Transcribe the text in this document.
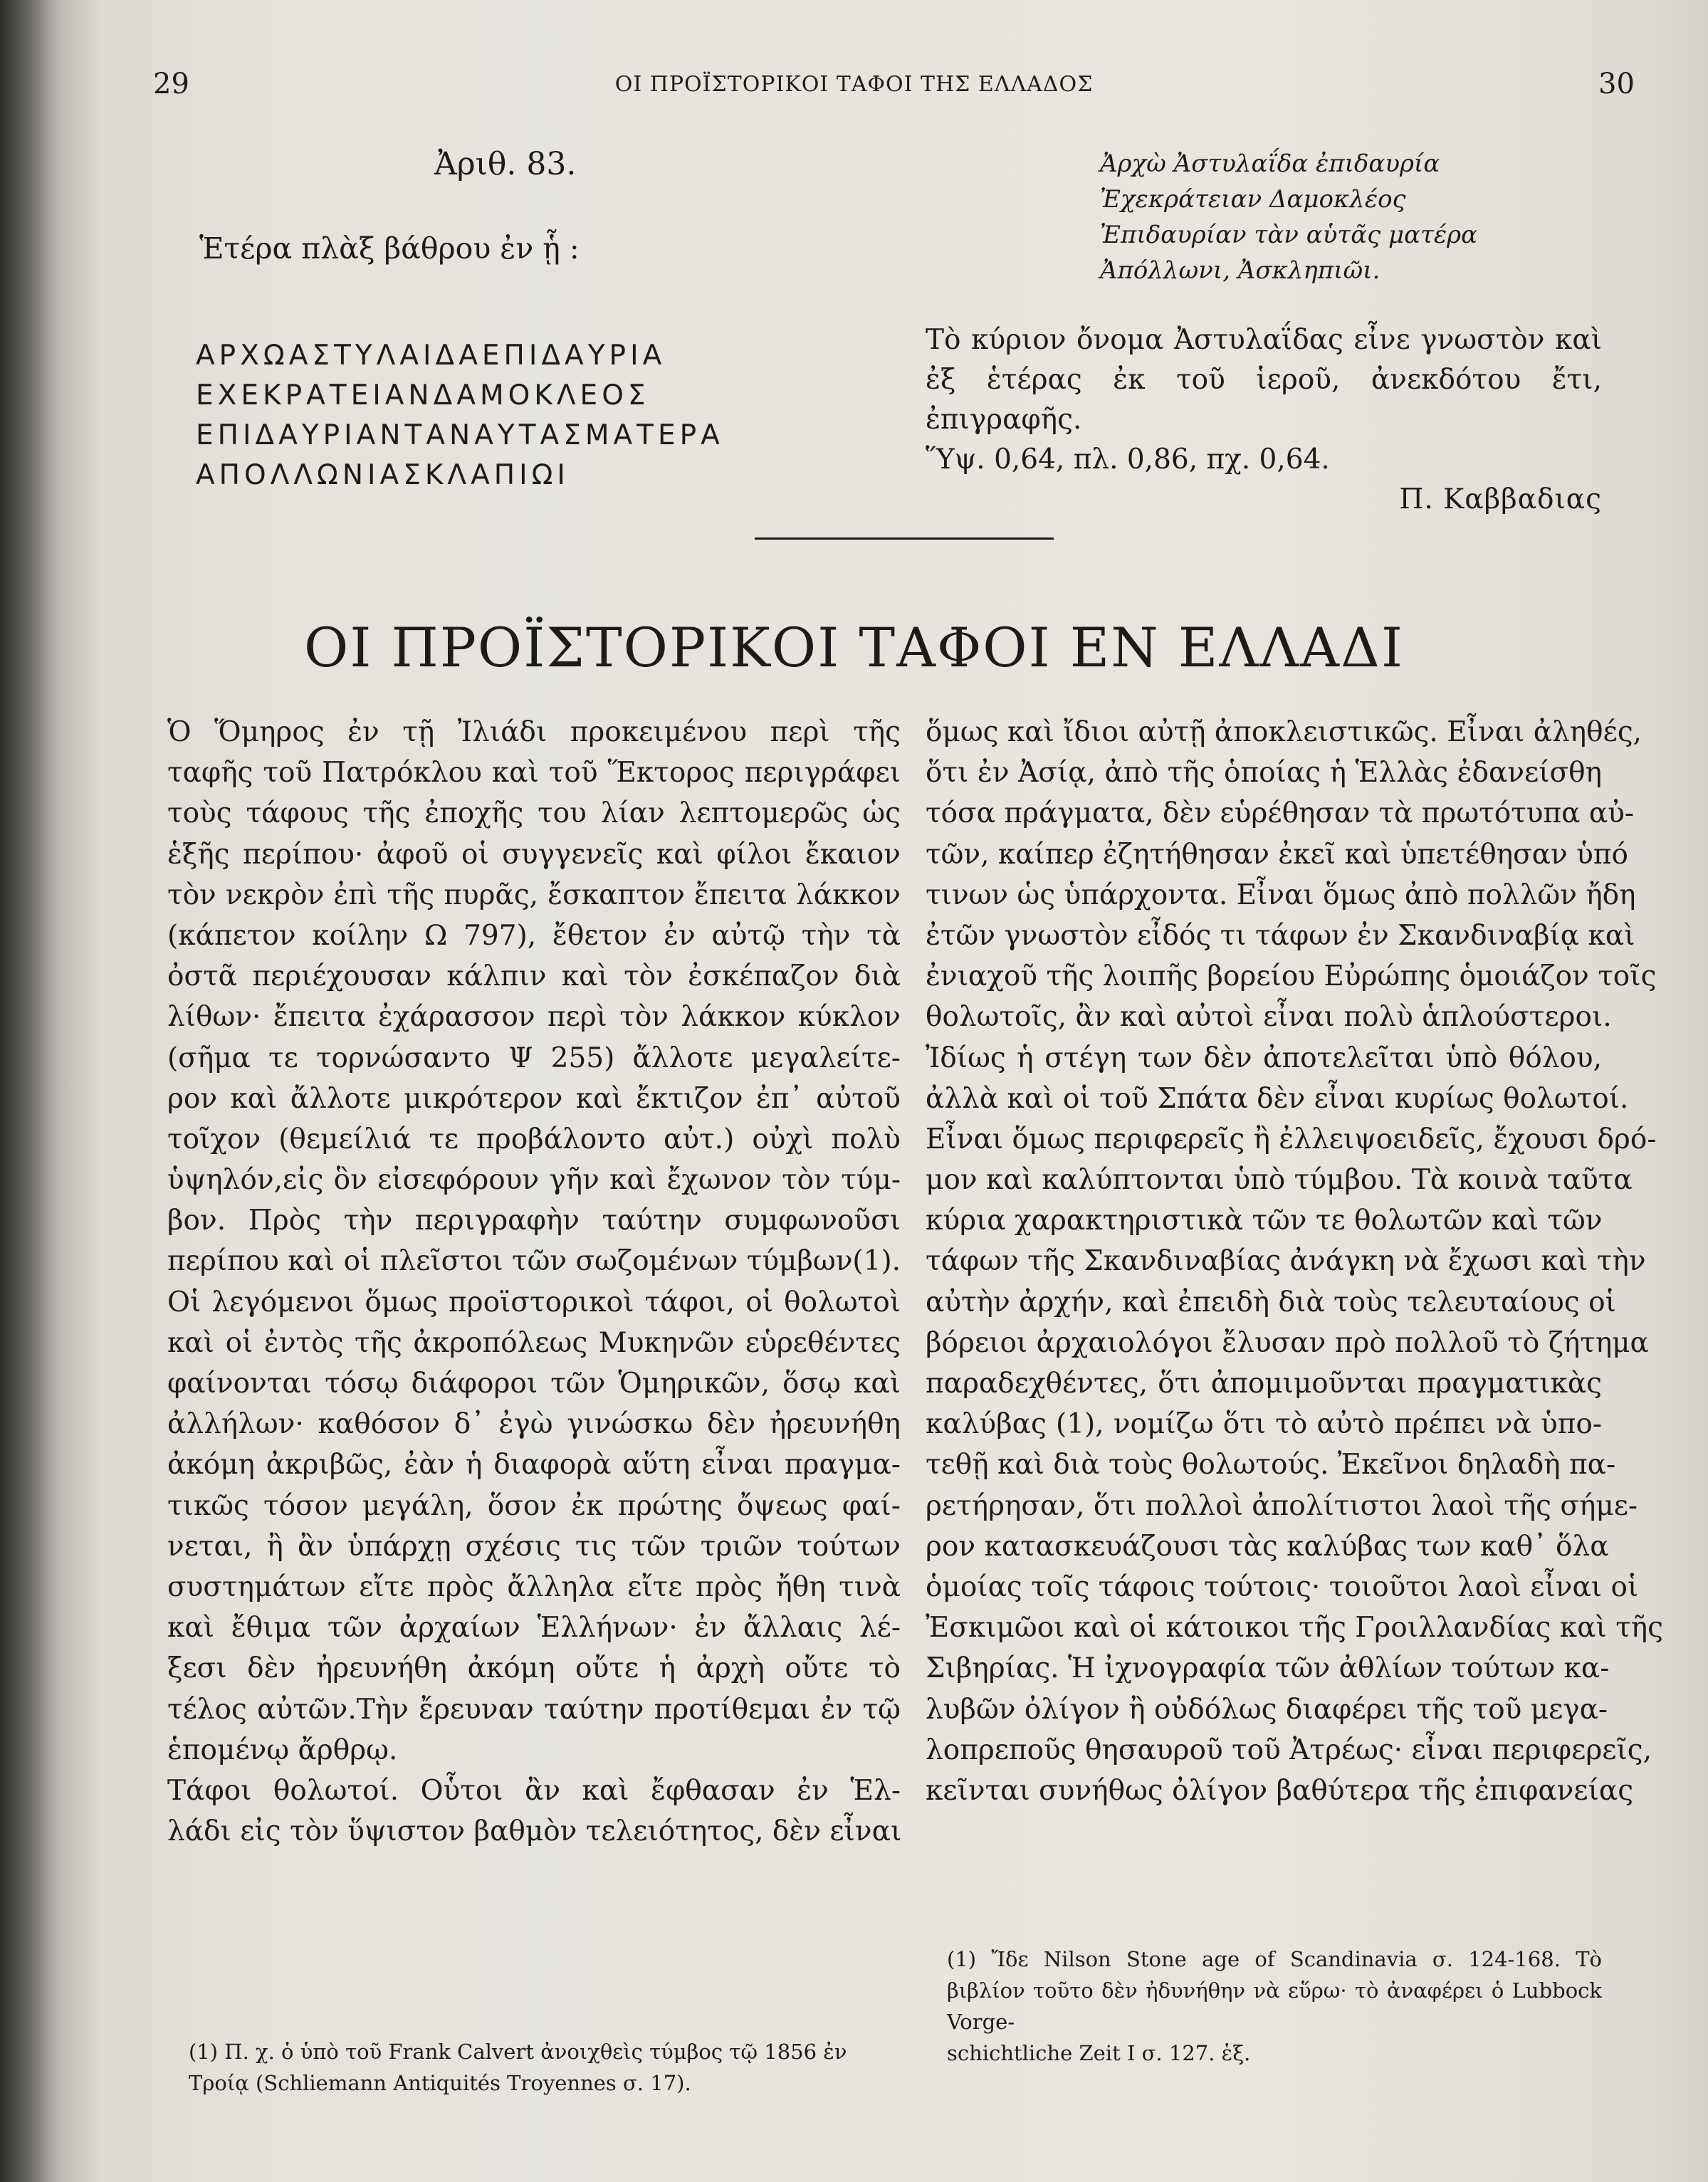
29	ΟΙ ΠΡΟΪΣΤΟΡΙΚΟΙ ΤΑΦΟΙ ΤΗΣ ΕΛΛΑΔΟΣ	30
Ἀριθ. 83.
Ἑτέρα πλὰξ βάθρου ἐν ᾗ :
ΑΡΧΩΑΣΤΥΛΑΙΔΑΕΠΙΔΑΥΡΙΑ
ΕΧΕΚΡΑΤΕΙΑΝΔΑΜΟΚΛΕΟΣ
ΕΠΙΔΑΥΡΙΑΝΤΑΝΑΥΤΑΣΜΑΤΕΡΑ
ΑΠΟΛΛΩΝΙΑΣΚΛΑΠΙΩΙ
Ἀρχὼ Ἀστυλαΐδα ἐπιδαυρία
Ἐχεκράτειαν Δαμοκλέος
Ἐπιδαυρίαν τὰν αὑτᾶς ματέρα
Ἀπόλλωνι, Ἀσκληπιῶι.

Τὸ κύριον ὄνομα Ἀστυλαΐδας εἶνε γνωστὸν καὶ

ἐξ ἑτέρας ἐκ τοῦ ἱεροῦ, ἀνεκδότου ἔτι, ἐπιγραφῆς.

Ὕψ. 0,64, πλ. 0,86, πχ. 0,64.

Π. Καββαδιας

ΟΙ ΠΡΟΪΣΤΟΡΙΚΟΙ ΤΑΦΟΙ ΕΝ ΕΛΛΑΔΙ
Ὁ Ὅμηρος ἐν τῇ Ἰλιάδι προκειμένου περὶ τῆς
ταφῆς τοῦ Πατρόκλου καὶ τοῦ Ἕκτορος περιγράφει
τοὺς τάφους τῆς ἐποχῆς του λίαν λεπτομερῶς ὡς
ἑξῆς περίπου· ἀφοῦ οἱ συγγενεῖς καὶ φίλοι ἔκαιον
τὸν νεκρὸν ἐπὶ τῆς πυρᾶς, ἔσκαπτον ἔπειτα λάκκον
(κάπετον κοίλην Ω 797), ἔθετον ἐν αὐτῷ τὴν τὰ
ὀστᾶ περιέχουσαν κάλπιν καὶ τὸν ἐσκέπαζον διὰ
λίθων· ἔπειτα ἐχάρασσον περὶ τὸν λάκκον κύκλον
(σῆμα τε τορνώσαντο Ψ 255) ἄλλοτε μεγαλείτε-
ρον καὶ ἄλλοτε μικρότερον καὶ ἔκτιζον ἐπ᾽ αὐτοῦ
τοῖχον (θεμείλιά τε προβάλοντο αὐτ.) οὐχὶ πολὺ
ὑψηλόν,εἰς ὃν εἰσεφόρουν γῆν καὶ ἔχωνον τὸν τύμ-
βον. Πρὸς τὴν περιγραφὴν ταύτην συμφωνοῦσι
περίπου καὶ οἱ πλεῖστοι τῶν σωζομένων τύμβων(1).
Οἱ λεγόμενοι ὅμως προϊστορικοὶ τάφοι, οἱ θολωτοὶ
καὶ οἱ ἐντὸς τῆς ἀκροπόλεως Μυκηνῶν εὑρεθέντες
φαίνονται τόσῳ διάφοροι τῶν Ὁμηρικῶν, ὅσῳ καὶ
ἀλλήλων· καθόσον δ᾽ ἐγὼ γινώσκω δὲν ἠρευνήθη
ἀκόμη ἀκριβῶς, ἐὰν ἡ διαφορὰ αὕτη εἶναι πραγμα-
τικῶς τόσον μεγάλη, ὅσον ἐκ πρώτης ὄψεως φαί-
νεται, ἢ ἂν ὑπάρχῃ σχέσις τις τῶν τριῶν τούτων
συστημάτων εἴτε πρὸς ἄλληλα εἴτε πρὸς ἤθη τινὰ
καὶ ἔθιμα τῶν ἀρχαίων Ἑλλήνων· ἐν ἄλλαις λέ-
ξεσι δὲν ἠρευνήθη ἀκόμη οὔτε ἡ ἀρχὴ οὔτε τὸ
τέλος αὐτῶν.Τὴν ἔρευναν ταύτην προτίθεμαι ἐν τῷ
ἑπομένῳ ἄρθρῳ.
Τάφοι θολωτοί. Οὗτοι ἂν καὶ ἔφθασαν ἐν Ἑλ-
λάδι εἰς τὸν ὕψιστον βαθμὸν τελειότητος, δὲν εἶναι
ὅμως καὶ ἴδιοι αὐτῇ ἀποκλειστικῶς. Εἶναι ἀληθές,
ὅτι ἐν Ἀσίᾳ, ἀπὸ τῆς ὁποίας ἡ Ἑλλὰς ἐδανείσθη
τόσα πράγματα, δὲν εὑρέθησαν τὰ πρωτότυπα αὐ-
τῶν, καίπερ ἐζητήθησαν ἐκεῖ καὶ ὑπετέθησαν ὑπό
τινων ὡς ὑπάρχοντα. Εἶναι ὅμως ἀπὸ πολλῶν ἤδη
ἐτῶν γνωστὸν εἶδός τι τάφων ἐν Σκανδιναβίᾳ καὶ
ἐνιαχοῦ τῆς λοιπῆς βορείου Εὐρώπης ὁμοιάζον τοῖς
θολωτοῖς, ἂν καὶ αὐτοὶ εἶναι πολὺ ἁπλούστεροι.
Ἰδίως ἡ στέγη των δὲν ἀποτελεῖται ὑπὸ θόλου,
ἀλλὰ καὶ οἱ τοῦ Σπάτα δὲν εἶναι κυρίως θολωτοί.
Εἶναι ὅμως περιφερεῖς ἢ ἐλλειψοειδεῖς, ἔχουσι δρό-
μον καὶ καλύπτονται ὑπὸ τύμβου. Τὰ κοινὰ ταῦτα
κύρια χαρακτηριστικὰ τῶν τε θολωτῶν καὶ τῶν
τάφων τῆς Σκανδιναβίας ἀνάγκη νὰ ἔχωσι καὶ τὴν
αὐτὴν ἀρχήν, καὶ ἐπειδὴ διὰ τοὺς τελευταίους οἱ
βόρειοι ἀρχαιολόγοι ἔλυσαν πρὸ πολλοῦ τὸ ζήτημα
παραδεχθέντες, ὅτι ἀπομιμοῦνται πραγματικὰς
καλύβας (1), νομίζω ὅτι τὸ αὐτὸ πρέπει νὰ ὑπο-
τεθῇ καὶ διὰ τοὺς θολωτούς. Ἐκεῖνοι δηλαδὴ πα-
ρετήρησαν, ὅτι πολλοὶ ἀπολίτιστοι λαοὶ τῆς σήμε-
ρον κατασκευάζουσι τὰς καλύβας των καθ᾽ ὅλα
ὁμοίας τοῖς τάφοις τούτοις· τοιοῦτοι λαοὶ εἶναι οἱ
Ἐσκιμῶοι καὶ οἱ κάτοικοι τῆς Γροιλλανδίας καὶ τῆς
Σιβηρίας. Ἡ ἰχνογραφία τῶν ἀθλίων τούτων κα-
λυβῶν ὀλίγον ἢ οὐδόλως διαφέρει τῆς τοῦ μεγα-
λοπρεποῦς θησαυροῦ τοῦ Ἀτρέως· εἶναι περιφερεῖς,
κεῖνται συνήθως ὀλίγον βαθύτερα τῆς ἐπιφανείας
(1) Π. χ. ὁ ὑπὸ τοῦ Frank Calvert ἀνοιχθεὶς τύμβος τῷ 1856 ἐν
Τροίᾳ (Schliemann Antiquités Troyennes σ. 17).
(1) Ἴδε Nilson Stone age of Scandinavia σ. 124-168. Τὸ
βιβλίον τοῦτο δὲν ἠδυνήθην νὰ εὕρω· τὸ ἀναφέρει ὁ Lubbock Vorge-
schichtliche Zeit I σ. 127. ἑξ.
